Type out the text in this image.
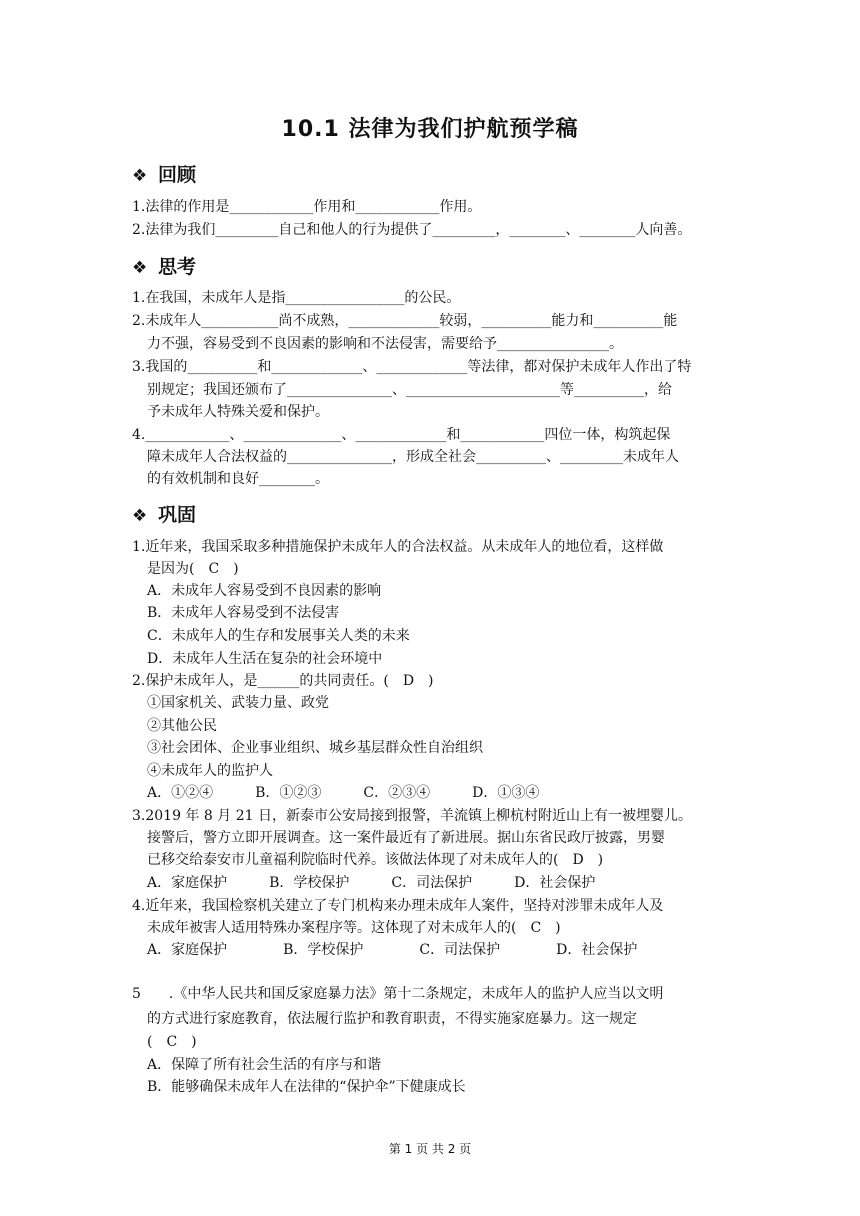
10.1 法律为我们护航预学稿
❖ 回顾
1.法律的作用是____________作用和____________作用。
2.法律为我们_________自己和他人的行为提供了_________，________、________人向善。
❖ 思考
1.在我国，未成年人是指_________________的公民。
2.未成年人___________尚不成熟，_____________较弱，__________能力和__________能
力不强，容易受到不良因素的影响和不法侵害，需要给予________________。
3.我国的__________和_____________、_____________等法律，都对保护未成年人作出了特
别规定；我国还颁布了_______________、______________________等__________，给
予未成年人特殊关爱和保护。
4.____________、______________、_____________和____________四位一体，构筑起保
障未成年人合法权益的_______________，形成全社会__________、_________未成年人
的有效机制和良好________。
❖ 巩固
1.近年来，我国采取多种措施保护未成年人的合法权益。从未成年人的地位看，这样做
是因为(　C　)
A．未成年人容易受到不良因素的影响
B．未成年人容易受到不法侵害
C．未成年人的生存和发展事关人类的未来
D．未成年人生活在复杂的社会环境中
2.保护未成年人，是______的共同责任。(　D　)
①国家机关、武装力量、政党
②其他公民
③社会团体、企业事业组织、城乡基层群众性自治组织
④未成年人的监护人
A．①②④　　　B．①②③　　　C．②③④　　　D．①③④
3.2019 年 8 月 21 日，新泰市公安局接到报警，羊流镇上柳杭村附近山上有一被埋婴儿。
接警后，警方立即开展调查。这一案件最近有了新进展。据山东省民政厅披露，男婴
已移交给泰安市儿童福利院临时代养。该做法体现了对未成年人的(　D　)
A．家庭保护　　　B．学校保护　　　C．司法保护　　　D．社会保护
4.近年来，我国检察机关建立了专门机构来办理未成年人案件，坚持对涉罪未成年人及
未成年被害人适用特殊办案程序等。这体现了对未成年人的(　C　)
A．家庭保护　　　　B．学校保护　　　　C．司法保护　　　　D．社会保护
5　　.《中华人民共和国反家庭暴力法》第十二条规定，未成年人的监护人应当以文明
的方式进行家庭教育，依法履行监护和教育职责，不得实施家庭暴力。这一规定
(　C　)
A．保障了所有社会生活的有序与和谐
B．能够确保未成年人在法律的“保护伞”下健康成长
第 1 页 共 2 页
